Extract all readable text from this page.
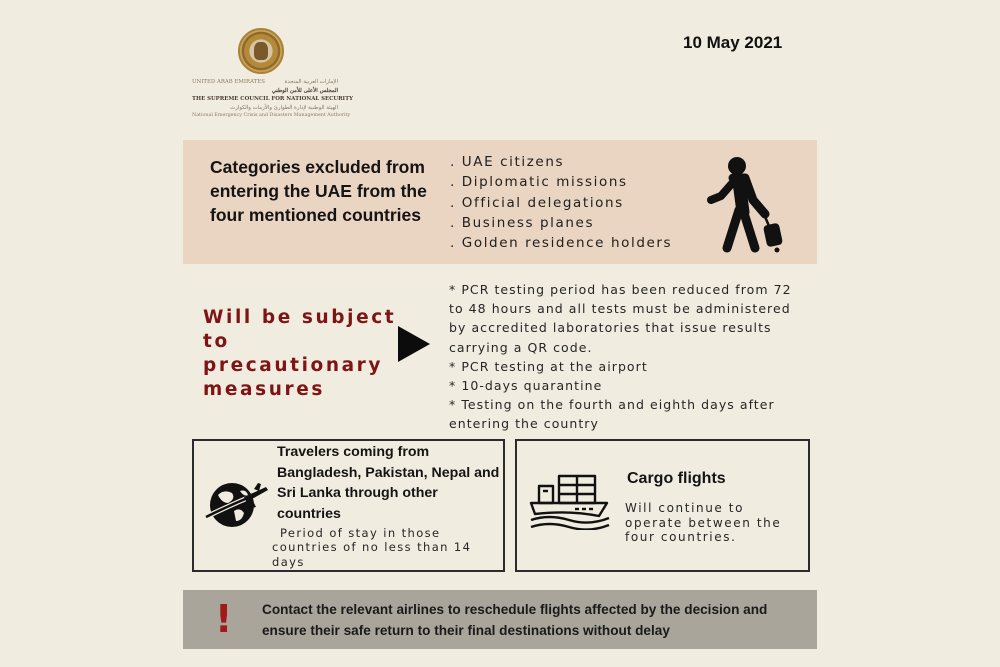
UNITED ARAB EMIRATES	الإمارات العربية المتحدة
المجلس الأعلى للأمن الوطني
THE SUPREME COUNCIL FOR NATIONAL SECURITY
الهيئة الوطنية لإدارة الطوارئ والأزمات والكوارث
National Emergency Crisis and Disasters Management Authority
10 May 2021
Categories excluded from entering the UAE from the four mentioned countries
. UAE citizens
. Diplomatic missions
. Official delegations
. Business planes
. Golden residence holders
Will be subject to precautionary measures
* PCR testing period has been reduced from 72 to 48 hours and all tests must be administered by accredited laboratories that issue results carrying a QR code.
* PCR testing at the airport
* 10-days quarantine
* Testing on the fourth and eighth days after entering the country
Travelers coming from Bangladesh, Pakistan, Nepal and Sri Lanka through other countries
Period of stay in those countries of no less than 14 days
Cargo flights
Will continue to operate between the four countries.
! Contact the relevant airlines to reschedule flights affected by the decision and ensure their safe return to their final destinations without delay
